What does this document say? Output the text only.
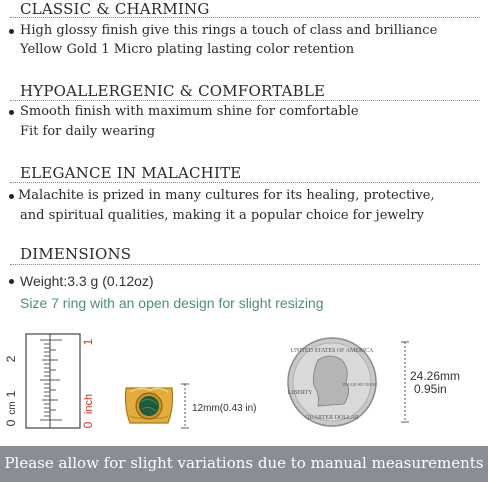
CLASSIC & CHARMING
High glossy finish give this rings a touch of class and brilliance
Yellow Gold 1 Micro plating lasting color retention
HYPOALLERGENIC & COMFORTABLE
Smooth finish with maximum shine for comfortable
Fit for daily wearing
ELEGANCE IN MALACHITE
Malachite is prized in many cultures for its healing, protective,
and spiritual qualities, making it a popular choice for jewelry
DIMENSIONS
Weight:3.3 g (0.12oz)
Size 7 ring with an open design for slight resizing
2
1
0
cm
1
inch
0
12mm(0.43 in)
UNITED STATES OF AMERICA
LIBERTY
IN GOD WE TRUST
QUARTER DOLLAR
24.26mm
0.95in
Please allow for slight variations due to manual measurements
